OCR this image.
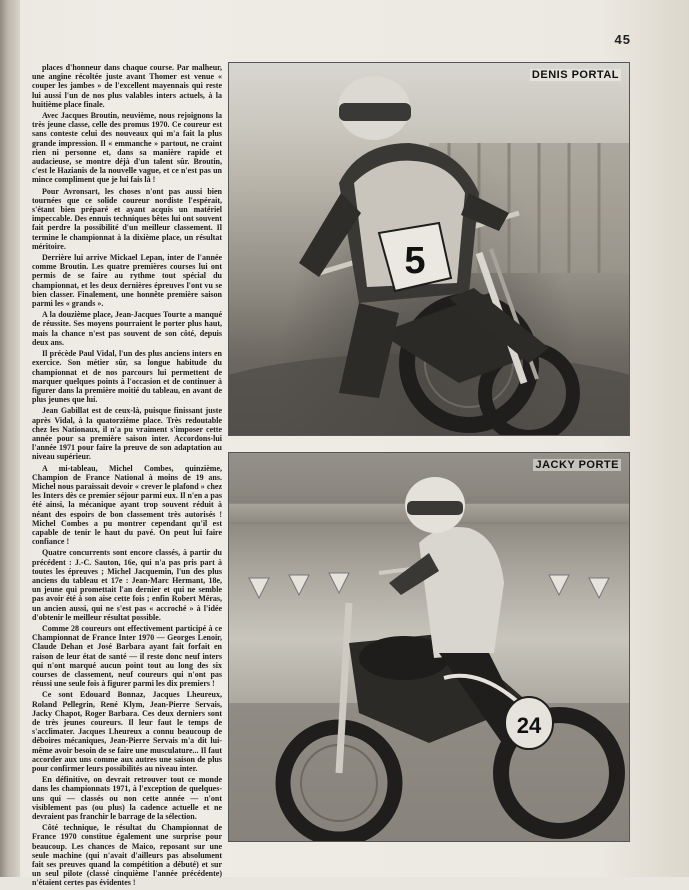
45

places d'honneur dans chaque course. Par malheur, une angine récoltée juste avant Thomer est venue « couper les jambes » de l'excellent mayennais qui reste lui aussi l'un de nos plus valables inters actuels, à la huitième place finale.

Avec Jacques Broutin, neuvième, nous rejoignons la très jeune classe, celle des promus 1970. Ce coureur est sans conteste celui des nouveaux qui m'a fait la plus grande impression. Il « emmanche » partout, ne craint rien ni personne et, dans sa manière rapide et audacieuse, se montre déjà d'un talent sûr. Broutin, c'est le Hazianis de la nouvelle vague, et ce n'est pas un mince compliment que je lui fais là !

Pour Avronsart, les choses n'ont pas aussi bien tournées que ce solide coureur nordiste l'espérait, s'étant bien préparé et ayant acquis un matériel impeccable. Des ennuis techniques bêtes lui ont souvent fait perdre la possibilité d'un meilleur classement. Il termine le championnat à la dixième place, un résultat méritoire.

Derrière lui arrive Mickael Lepan, inter de l'année comme Broutin. Les quatre premières courses lui ont permis de se faire au rythme tout spécial du championnat, et les deux dernières épreuves l'ont vu se bien classer. Finalement, une honnête première saison parmi les « grands ».

A la douzième place, Jean-Jacques Tourte a manqué de réussite. Ses moyens pourraient le porter plus haut, mais la chance n'est pas souvent de son côté, depuis deux ans.

Il précède Paul Vidal, l'un des plus anciens inters en exercice. Son métier sûr, sa longue habitude du championnat et de nos parcours lui permettent de marquer quelques points à l'occasion et de continuer à figurer dans la première moitié du tableau, en avant de plus jeunes que lui.

Jean Gabillat est de ceux-là, puisque finissant juste après Vidal, à la quatorzième place. Très redoutable chez les Nationaux, il n'a pu vraiment s'imposer cette année pour sa première saison inter. Accordons-lui l'année 1971 pour faire la preuve de son adaptation au niveau supérieur.

A mi-tableau, Michel Combes, quinzième, Champion de France National à moins de 19 ans. Michel nous paraissait devoir « crever le plafond » chez les Inters dès ce premier séjour parmi eux. Il n'en a pas été ainsi, la mécanique ayant trop souvent réduit à néant des espoirs de bon classement très autorisés ! Michel Combes a pu montrer cependant qu'il est capable de tenir le haut du pavé. On peut lui faire confiance !

Quatre concurrents sont encore classés, à partir du précédent : J.-C. Sauton, 16e, qui n'a pas pris part à toutes les épreuves ; Michel Jacquemin, l'un des plus anciens du tableau et 17e : Jean-Marc Hermant, 18e, un jeune qui promettait l'an dernier et qui ne semble pas avoir été à son aise cette fois ; enfin Robert Méras, un ancien aussi, qui ne s'est pas « accroché » à l'idée d'obtenir le meilleur résultat possible.

Comme 28 coureurs ont effectivement participé à ce Championnat de France Inter 1970 — Georges Lenoir, Claude Dehan et José Barbara ayant fait forfait en raison de leur état de santé — il reste donc neuf inters qui n'ont marqué aucun point tout au long des six courses de classement, neuf coureurs qui n'ont pas réussi une seule fois à figurer parmi les dix premiers !

Ce sont Edouard Bonnaz, Jacques Lheureux, Roland Pellegrin, René Klym, Jean-Pierre Servais, Jacky Chapot, Roger Barbara. Ces deux derniers sont de très jeunes coureurs. Il leur faut le temps de s'acclimater. Jacques Lheureux a connu beaucoup de déboires mécaniques, Jean-Pierre Servais m'a dit lui-même avoir besoin de se faire une musculature... Il faut accorder aux uns comme aux autres une saison de plus pour confirmer leurs possibilités au niveau inter.

En définitive, on devrait retrouver tout ce monde dans les championnats 1971, à l'exception de quelques-uns qui — classés ou non cette année — n'ont visiblement pas (ou plus) la cadence actuelle et ne devraient pas franchir le barrage de la sélection.

Côté technique, le résultat du Championnat de France 1970 constitue également une surprise pour beaucoup. Les chances de Maico, reposant sur une seule machine (qui n'avait d'ailleurs pas absolument fait ses preuves quand la compétition a débuté) et sur un seul pilote (classé cinquième l'année précédente) n'étaient certes pas évidentes !

5
DENIS PORTAL
24
JACKY PORTE
